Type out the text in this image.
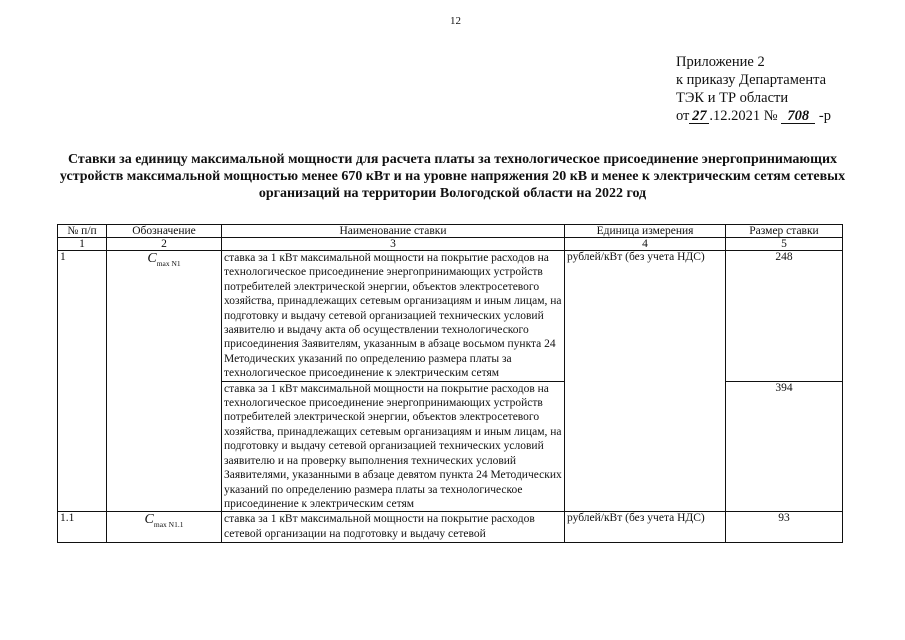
12
Приложение 2
к приказу Департамента
ТЭК и ТР области
от 27 .12.2021 № 708 -р
Ставки за единицу максимальной мощности для расчета платы за технологическое присоединение энергопринимающих устройств максимальной мощностью менее 670 кВт и на уровне напряжения 20 кВ и менее к электрическим сетям сетевых организаций на территории Вологодской области на 2022 год
№ п/п	Обозначение	Наименование ставки	Единица измерения	Размер ставки
1	2	3	4	5
1	$C_{max N1}$	ставка за 1 кВт максимальной мощности на покрытие расходов на технологическое присоединение энергопринимающих устройств потребителей электрической энергии, объектов электросетевого хозяйства, принадлежащих сетевым организациям и иным лицам, на подготовку и выдачу сетевой организацией технических условий заявителю и выдачу акта об осуществлении технологического присоединения Заявителям, указанным в абзаце восьмом пункта 24 Методических указаний по определению размера платы за технологическое присоединение к электрическим сетям	рублей/кВт (без учета НДС)	248
		ставка за 1 кВт максимальной мощности на покрытие расходов на технологическое присоединение энергопринимающих устройств потребителей электрической энергии, объектов электросетевого хозяйства, принадлежащих сетевым организациям и иным лицам, на подготовку и выдачу сетевой организацией технических условий заявителю и на проверку выполнения технических условий Заявителями, указанными в абзаце девятом пункта 24 Методических указаний по определению размера платы за технологическое присоединение к электрическим сетям		394

1.1	$C_{max N1.1}$	ставка за 1 кВт максимальной мощности на покрытие расходов сетевой организации на подготовку и выдачу сетевой	рублей/кВт (без учета НДС)	93
